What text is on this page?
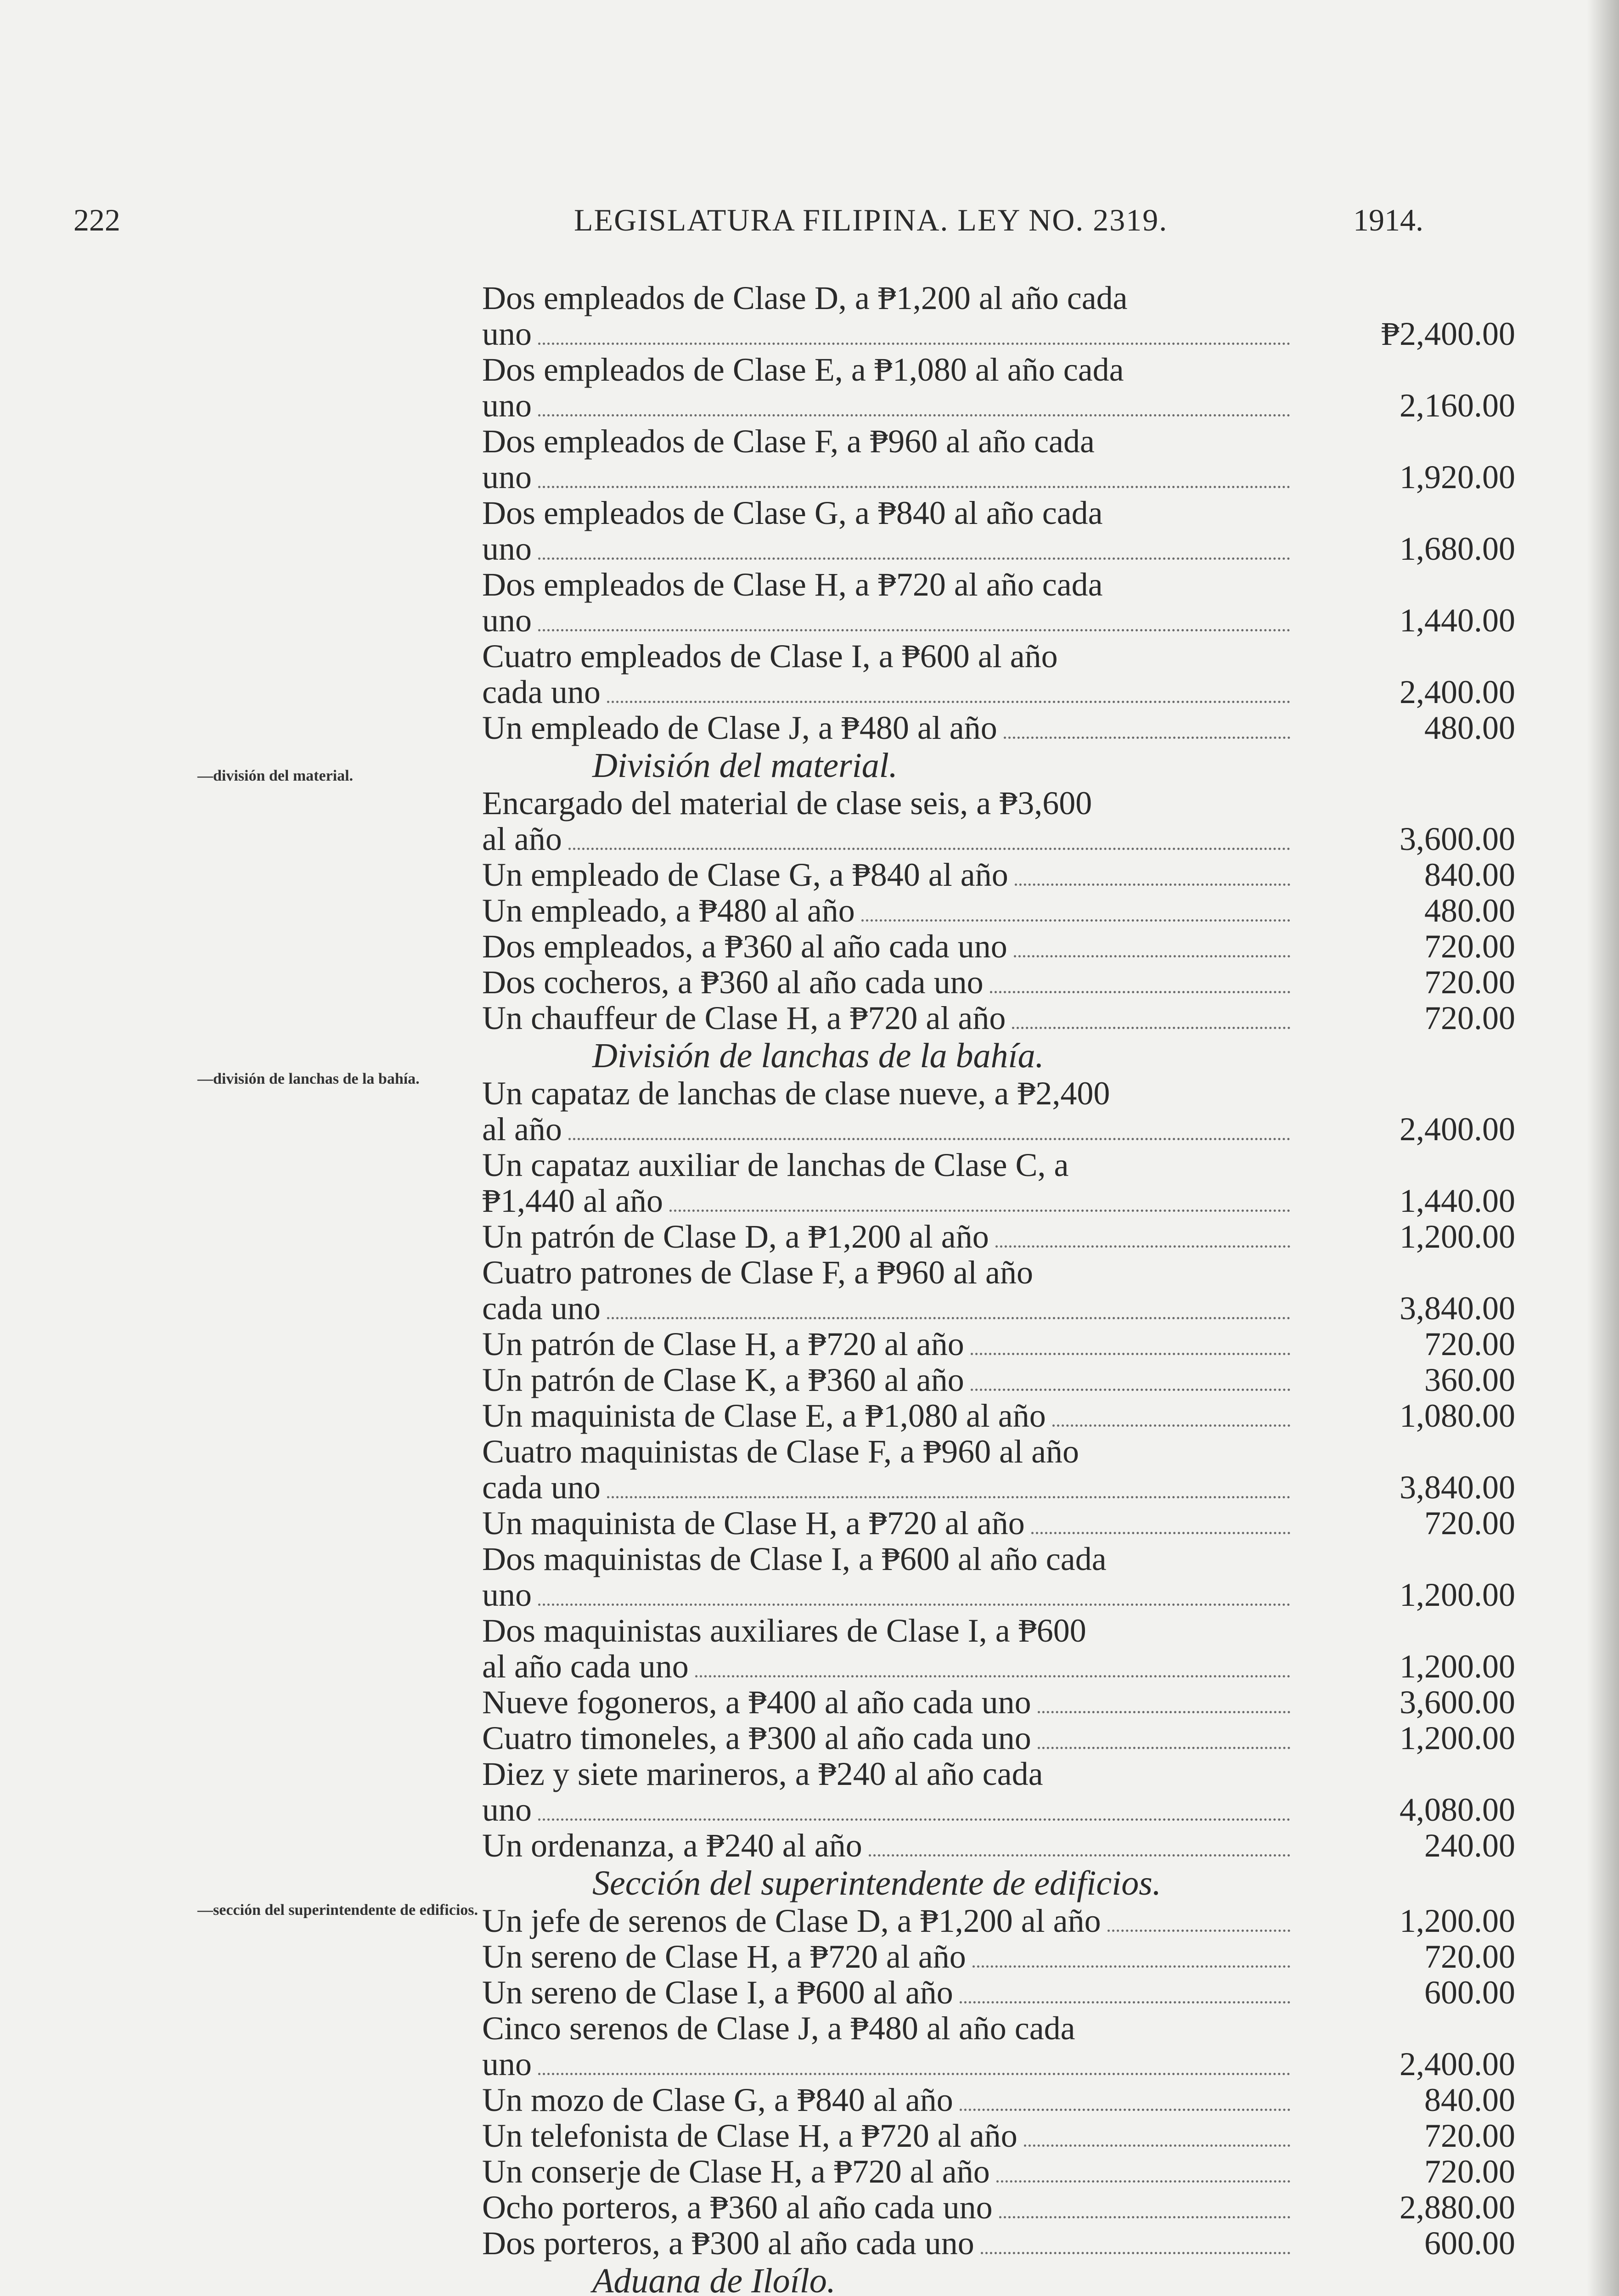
222	LEGISLATURA FILIPINA. LEY NO. 2319.	1914.
—división del material.
—división de lanchas de la bahía.
—sección del superintendente de edificios.
Dos empleados de Clase D, a ₱1,200 al año cada
uno	₱2,400.00
Dos empleados de Clase E, a ₱1,080 al año cada
uno	2,160.00
Dos empleados de Clase F, a ₱960 al año cada
uno	1,920.00
Dos empleados de Clase G, a ₱840 al año cada
uno	1,680.00
Dos empleados de Clase H, a ₱720 al año cada
uno	1,440.00
Cuatro empleados de Clase I, a ₱600 al año
cada uno	2,400.00
Un empleado de Clase J, a ₱480 al año	480.00
División del material.
Encargado del material de clase seis, a ₱3,600
al año	3,600.00
Un empleado de Clase G, a ₱840 al año	840.00
Un empleado, a ₱480 al año	480.00
Dos empleados, a ₱360 al año cada uno	720.00
Dos cocheros, a ₱360 al año cada uno	720.00
Un chauffeur de Clase H, a ₱720 al año	720.00
División de lanchas de la bahía.
Un capataz de lanchas de clase nueve, a ₱2,400
al año	2,400.00
Un capataz auxiliar de lanchas de Clase C, a
₱1,440 al año	1,440.00
Un patrón de Clase D, a ₱1,200 al año	1,200.00
Cuatro patrones de Clase F, a ₱960 al año
cada uno	3,840.00
Un patrón de Clase H, a ₱720 al año	720.00
Un patrón de Clase K, a ₱360 al año	360.00
Un maquinista de Clase E, a ₱1,080 al año	1,080.00
Cuatro maquinistas de Clase F, a ₱960 al año
cada uno	3,840.00
Un maquinista de Clase H, a ₱720 al año	720.00
Dos maquinistas de Clase I, a ₱600 al año cada
uno	1,200.00
Dos maquinistas auxiliares de Clase I, a ₱600
al año cada uno	1,200.00
Nueve fogoneros, a ₱400 al año cada uno	3,600.00
Cuatro timoneles, a ₱300 al año cada uno	1,200.00
Diez y siete marineros, a ₱240 al año cada
uno	4,080.00
Un ordenanza, a ₱240 al año	240.00
Sección del superintendente de edificios.
Un jefe de serenos de Clase D, a ₱1,200 al año	1,200.00
Un sereno de Clase H, a ₱720 al año	720.00
Un sereno de Clase I, a ₱600 al año	600.00
Cinco serenos de Clase J, a ₱480 al año cada
uno	2,400.00
Un mozo de Clase G, a ₱840 al año	840.00
Un telefonista de Clase H, a ₱720 al año	720.00
Un conserje de Clase H, a ₱720 al año	720.00
Ocho porteros, a ₱360 al año cada uno	2,880.00
Dos porteros, a ₱300 al año cada uno	600.00
Aduana de Iloílo.
